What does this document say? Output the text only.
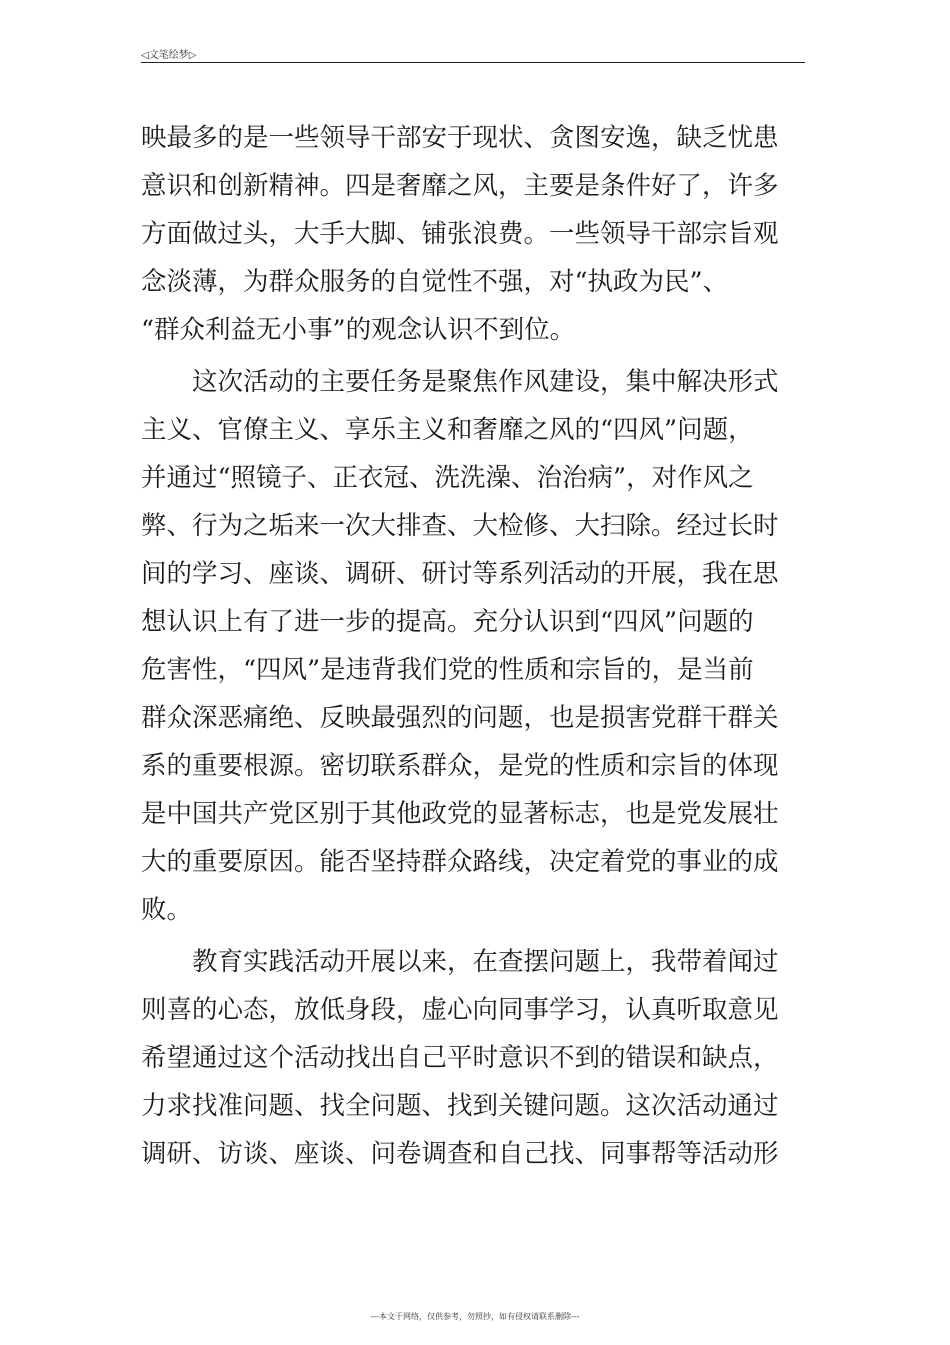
◁文笔绘梦▷
映最多的是一些领导干部安于现状、贪图安逸，缺乏忧患
意识和创新精神。四是奢靡之风，主要是条件好了，许多
方面做过头，大手大脚、铺张浪费。一些领导干部宗旨观
念淡薄，为群众服务的自觉性不强，对“执政为民”、
“群众利益无小事”的观念认识不到位。
　　这次活动的主要任务是聚焦作风建设，集中解决形式
主义、官僚主义、享乐主义和奢靡之风的“四风”问题，
并通过“照镜子、正衣冠、洗洗澡、治治病”，对作风之
弊、行为之垢来一次大排查、大检修、大扫除。经过长时
间的学习、座谈、调研、研讨等系列活动的开展，我在思
想认识上有了进一步的提高。充分认识到“四风”问题的
危害性，“四风”是违背我们党的性质和宗旨的，是当前
群众深恶痛绝、反映最强烈的问题，也是损害党群干群关
系的重要根源。密切联系群众，是党的性质和宗旨的体现
是中国共产党区别于其他政党的显著标志，也是党发展壮
大的重要原因。能否坚持群众路线，决定着党的事业的成
败。
　　教育实践活动开展以来，在查摆问题上，我带着闻过
则喜的心态，放低身段，虚心向同事学习，认真听取意见
希望通过这个活动找出自己平时意识不到的错误和缺点，
力求找准问题、找全问题、找到关键问题。这次活动通过
调研、访谈、座谈、问卷调查和自己找、同事帮等活动形
---本文于网络，仅供参考，勿照抄，如有侵权请联系删除---
